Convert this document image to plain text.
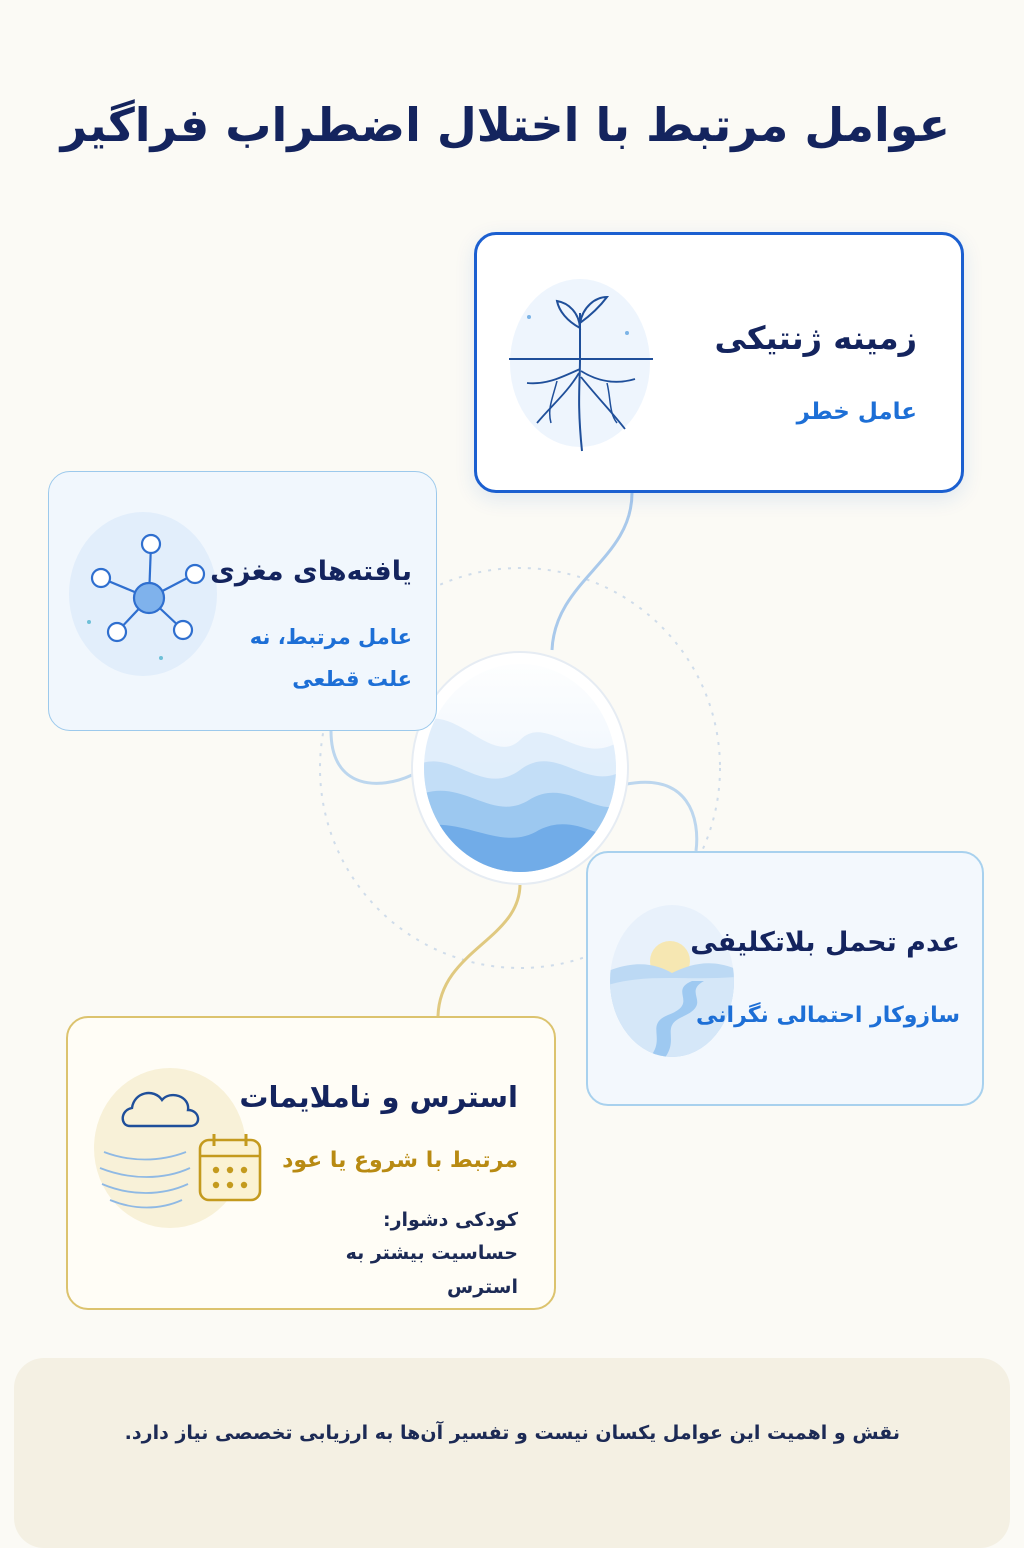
عوامل مرتبط با اختلال اضطراب فراگیر
زمینه ژنتیکی

عامل خطر

یافته‌های مغزی

عامل مرتبط، نه علت قطعی

عدم تحمل بلاتکلیفی

سازوکار احتمالی نگرانی

استرس و ناملایمات

مرتبط با شروع یا عود

کودکی دشوار: حساسیت بیشتر به استرس

نقش و اهمیت این عوامل یکسان نیست و تفسیر آن‌ها به ارزیابی تخصصی نیاز دارد.
